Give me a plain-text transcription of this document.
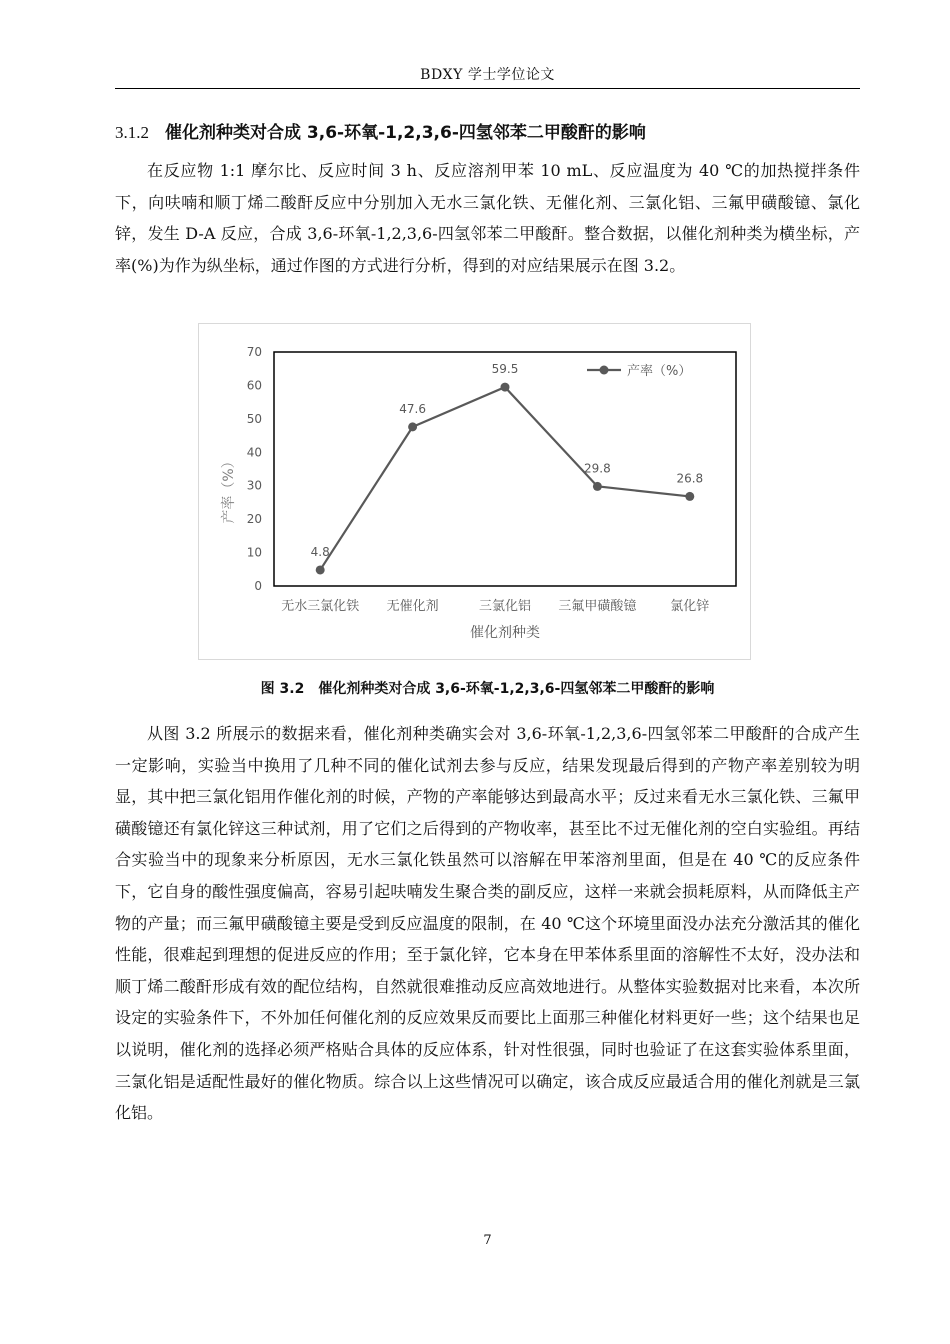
BDXY 学士学位论文
3.1.2 催化剂种类对合成 3,6-环氧-1,2,3,6-四氢邻苯二甲酸酐的影响

在反应物 1:1 摩尔比、反应时间 3 h、反应溶剂甲苯 10 mL、反应温度为 40 ℃的加热搅拌条件下，向呋喃和顺丁烯二酸酐反应中分别加入无水三氯化铁、无催化剂、三氯化铝、三氟甲磺酸镱、氯化锌，发生 D-A 反应，合成 3,6-环氧-1,2,3,6-四氢邻苯二甲酸酐。整合数据，以催化剂种类为横坐标，产率(%)为作为纵坐标，通过作图的方式进行分析，得到的对应结果展示在图 3.2。

0
10
20
30
40
50
60
70
无水三氯化铁 无催化剂	三氯化铝 三氟甲磺酸镱	氯化锌
催化剂种类
产率（%）
4.8
47.6
59.5
29.8
26.8
产率（%）
图 3.2　催化剂种类对合成 3,6-环氧-1,2,3,6-四氢邻苯二甲酸酐的影响

从图 3.2 所展示的数据来看，催化剂种类确实会对 3,6-环氧-1,2,3,6-四氢邻苯二甲酸酐的合成产生一定影响，实验当中换用了几种不同的催化试剂去参与反应，结果发现最后得到的产物产率差别较为明显，其中把三氯化铝用作催化剂的时候，产物的产率能够达到最高水平；反过来看无水三氯化铁、三氟甲磺酸镱还有氯化锌这三种试剂，用了它们之后得到的产物收率，甚至比不过无催化剂的空白实验组。再结合实验当中的现象来分析原因，无水三氯化铁虽然可以溶解在甲苯溶剂里面，但是在 40 ℃的反应条件下，它自身的酸性强度偏高，容易引起呋喃发生聚合类的副反应，这样一来就会损耗原料，从而降低主产物的产量；而三氟甲磺酸镱主要是受到反应温度的限制，在 40 ℃这个环境里面没办法充分激活其的催化性能，很难起到理想的促进反应的作用；至于氯化锌，它本身在甲苯体系里面的溶解性不太好，没办法和顺丁烯二酸酐形成有效的配位结构，自然就很难推动反应高效地进行。从整体实验数据对比来看，本次所设定的实验条件下，不外加任何催化剂的反应效果反而要比上面那三种催化材料更好一些；这个结果也足以说明，催化剂的选择必须严格贴合具体的反应体系，针对性很强，同时也验证了在这套实验体系里面，三氯化铝是适配性最好的催化物质。综合以上这些情况可以确定，该合成反应最适合用的催化剂就是三氯化铝。

7
